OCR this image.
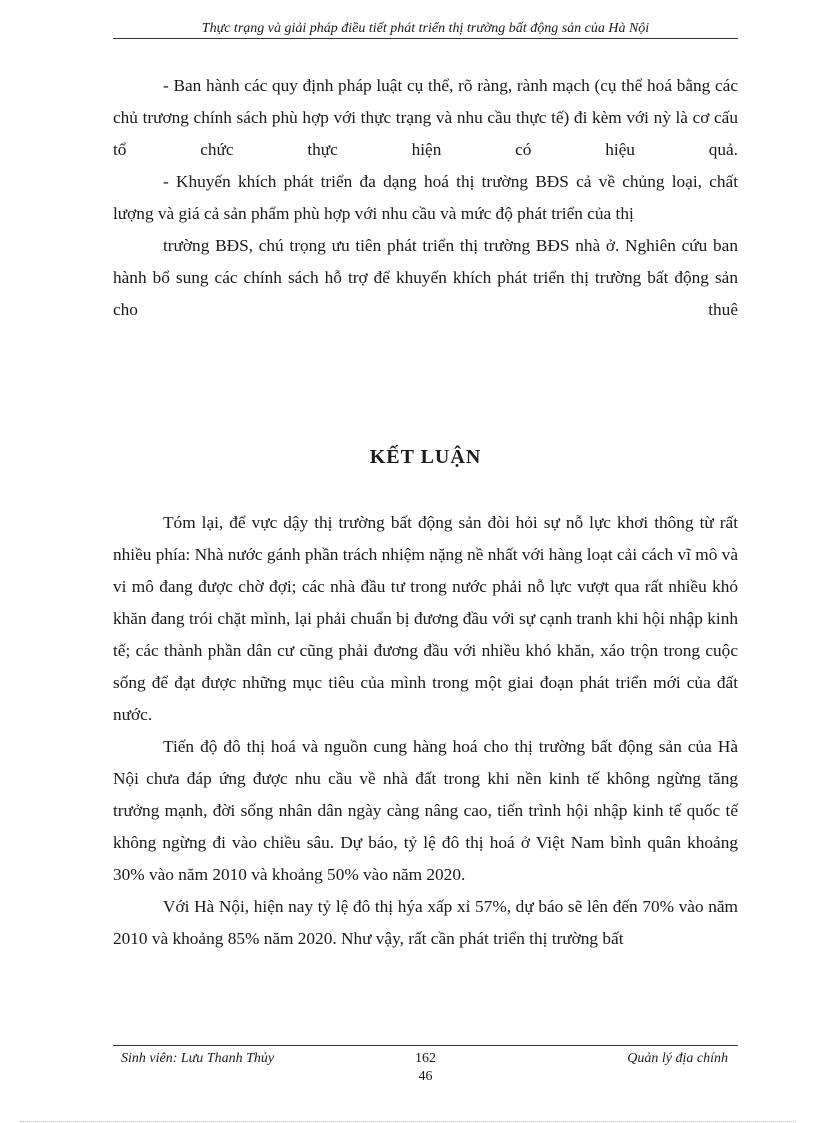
Thực trạng và giải pháp điều tiết phát triển thị trường bất động sản của Hà Nội

- Ban hành các quy định pháp luật cụ thể, rõ ràng, rành mạch (cụ thể hoá bằng các chủ trương chính sách phù hợp với thực trạng và nhu cầu thực tế) đi kèm với nỳ là cơ cấu tổ chức thực hiện có hiệu quả.

- Khuyến khích phát triển đa dạng hoá thị trường BĐS cả về chủng loại, chất lượng và giá cả sản phẩm phù hợp với nhu cầu và mức độ phát triển của thị

trường BĐS, chú trọng ưu tiên phát triển thị trường BĐS nhà ở. Nghiên cứu ban hành bổ sung các chính sách hỗ trợ để khuyến khích phát triển thị trường bất động sản cho thuê

KẾT LUẬN

Tóm lại, để vực dậy thị trường bất động sản đòi hỏi sự nỗ lực khơi thông từ rất nhiều phía: Nhà nước gánh phần trách nhiệm nặng nề nhất với hàng loạt cải cách vĩ mô và vi mô đang được chờ đợi; các nhà đầu tư trong nước phải nỗ lực vượt qua rất nhiều khó khăn đang trói chặt mình, lại phải chuẩn bị đương đầu với sự cạnh tranh khi hội nhập kinh tế; các thành phần dân cư cũng phải đương đầu với nhiều khó khăn, xáo trộn trong cuộc sống để đạt được những mục tiêu của mình trong một giai đoạn phát triển mới của đất nước.

Tiến độ đô thị hoá và nguồn cung hàng hoá cho thị trường bất động sản của Hà Nội chưa đáp ứng được nhu cầu về nhà đất trong khi nền kinh tế không ngừng tăng trưởng mạnh, đời sống nhân dân ngày càng nâng cao, tiến trình hội nhập kinh tế quốc tế không ngừng đi vào chiều sâu. Dự báo, tỷ lệ đô thị hoá ở Việt Nam bình quân khoảng 30% vào năm 2010 và khoảng 50% vào năm 2020.

Với Hà Nội, hiện nay tỷ lệ đô thị hýa xấp xỉ 57%, dự báo sẽ lên đến 70% vào năm 2010 và khoảng 85% năm 2020. Như vậy, rất cần phát triển thị trường bất

Sinh viên: Lưu Thanh Thủy	162	Quản lý địa chính
46
